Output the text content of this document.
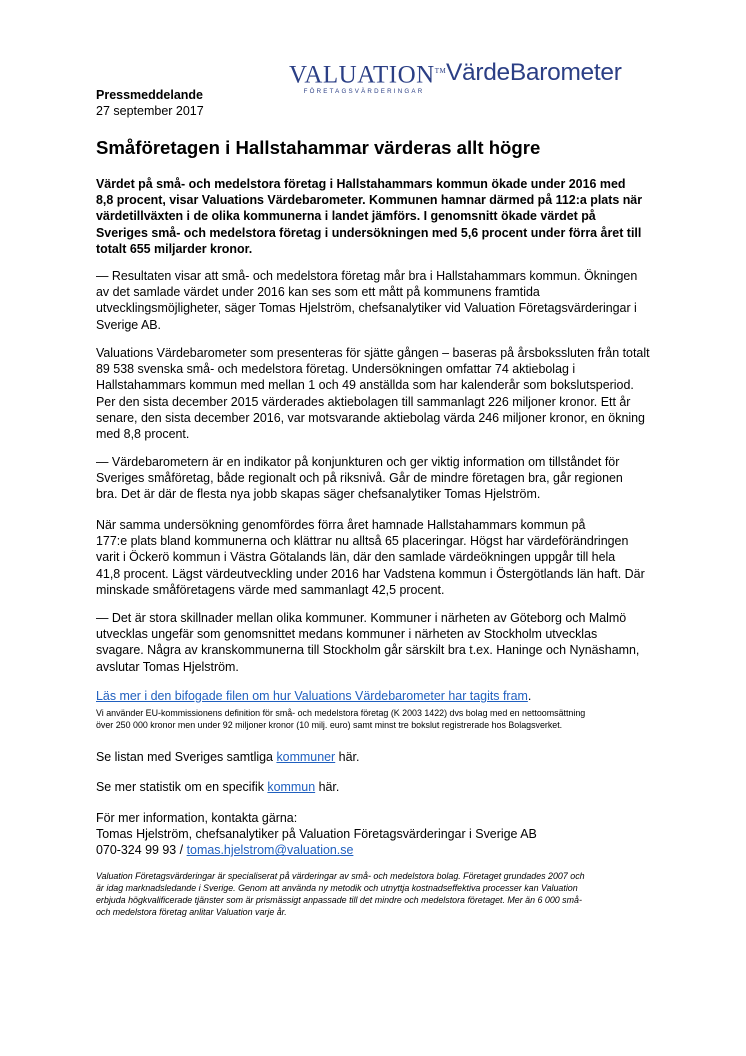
VALUATION™
FÖRETAGSVÄRDERINGAR
VärdeBarometer
Pressmeddelande
27 september 2017
Småföretagen i Hallstahammar värderas allt högre
Värdet på små- och medelstora företag i Hallstahammars kommun ökade under 2016 med
8,8 procent, visar Valuations Värdebarometer. Kommunen hamnar därmed på 112:a plats när
värdetillväxten i de olika kommunerna i landet jämförs. I genomsnitt ökade värdet på
Sveriges små- och medelstora företag i undersökningen med 5,6 procent under förra året till
totalt 655 miljarder kronor.
— Resultaten visar att små- och medelstora företag mår bra i Hallstahammars kommun. Ökningen
av det samlade värdet under 2016 kan ses som ett mått på kommunens framtida
utvecklingsmöjligheter, säger Tomas Hjelström, chefsanalytiker vid Valuation Företagsvärderingar i
Sverige AB.
Valuations Värdebarometer som presenteras för sjätte gången – baseras på årsbokssluten från totalt
89 538 svenska små- och medelstora företag. Undersökningen omfattar 74 aktiebolag i
Hallstahammars kommun med mellan 1 och 49 anställda som har kalenderår som bokslutsperiod.
Per den sista december 2015 värderades aktiebolagen till sammanlagt 226 miljoner kronor. Ett år
senare, den sista december 2016, var motsvarande aktiebolag värda 246 miljoner kronor, en ökning
med 8,8 procent.
— Värdebarometern är en indikator på konjunkturen och ger viktig information om tillståndet för
Sveriges småföretag, både regionalt och på riksnivå. Går de mindre företagen bra, går regionen
bra. Det är där de flesta nya jobb skapas säger chefsanalytiker Tomas Hjelström.
När samma undersökning genomfördes förra året hamnade Hallstahammars kommun på
177:e plats bland kommunerna och klättrar nu alltså 65 placeringar. Högst har värdeförändringen
varit i Öckerö kommun i Västra Götalands län, där den samlade värdeökningen uppgår till hela
41,8 procent. Lägst värdeutveckling under 2016 har Vadstena kommun i Östergötlands län haft. Där
minskade småföretagens värde med sammanlagt 42,5 procent.
— Det är stora skillnader mellan olika kommuner. Kommuner i närheten av Göteborg och Malmö
utvecklas ungefär som genomsnittet medans kommuner i närheten av Stockholm utvecklas
svagare. Några av kranskommunerna till Stockholm går särskilt bra t.ex. Haninge och Nynäshamn,
avslutar Tomas Hjelström.
Läs mer i den bifogade filen om hur Valuations Värdebarometer har tagits fram.
Vi använder EU-kommissionens definition för små- och medelstora företag (K 2003 1422) dvs bolag med en nettoomsättning
över 250 000 kronor men under 92 miljoner kronor (10 milj. euro) samt minst tre bokslut registrerade hos Bolagsverket.
Se listan med Sveriges samtliga kommuner här.
Se mer statistik om en specifik kommun här.
För mer information, kontakta gärna:
Tomas Hjelström, chefsanalytiker på Valuation Företagsvärderingar i Sverige AB
070-324 99 93 / tomas.hjelstrom@valuation.se
Valuation Företagsvärderingar är specialiserat på värderingar av små- och medelstora bolag. Företaget grundades 2007 och
är idag marknadsledande i Sverige. Genom att använda ny metodik och utnyttja kostnadseffektiva processer kan Valuation
erbjuda högkvalificerade tjänster som är prismässigt anpassade till det mindre och medelstora företaget. Mer än 6 000 små-
och medelstora företag anlitar Valuation varje år.
